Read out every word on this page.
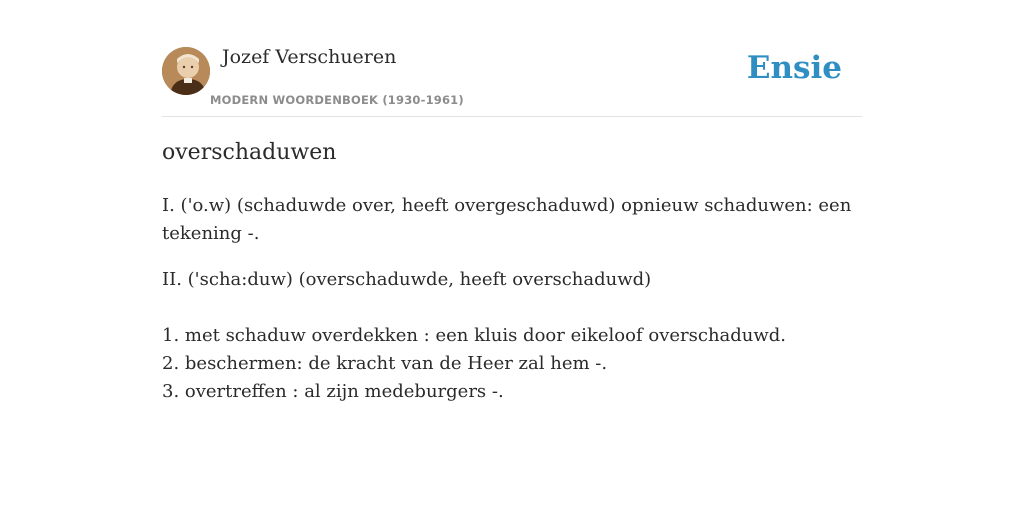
Jozef Verschueren
MODERN WOORDENBOEK (1930-1961)
Ensie
overschaduwen
I. ('o.w) (schaduwde over, heeft overgeschaduwd) opnieuw schaduwen: een tekening -.
II. ('scha:duw) (overschaduwde, heeft overschaduwd)
1. met schaduw overdekken : een kluis door eikeloof overschaduwd.
2. beschermen: de kracht van de Heer zal hem -.
3. overtreffen : al zijn medeburgers -.
